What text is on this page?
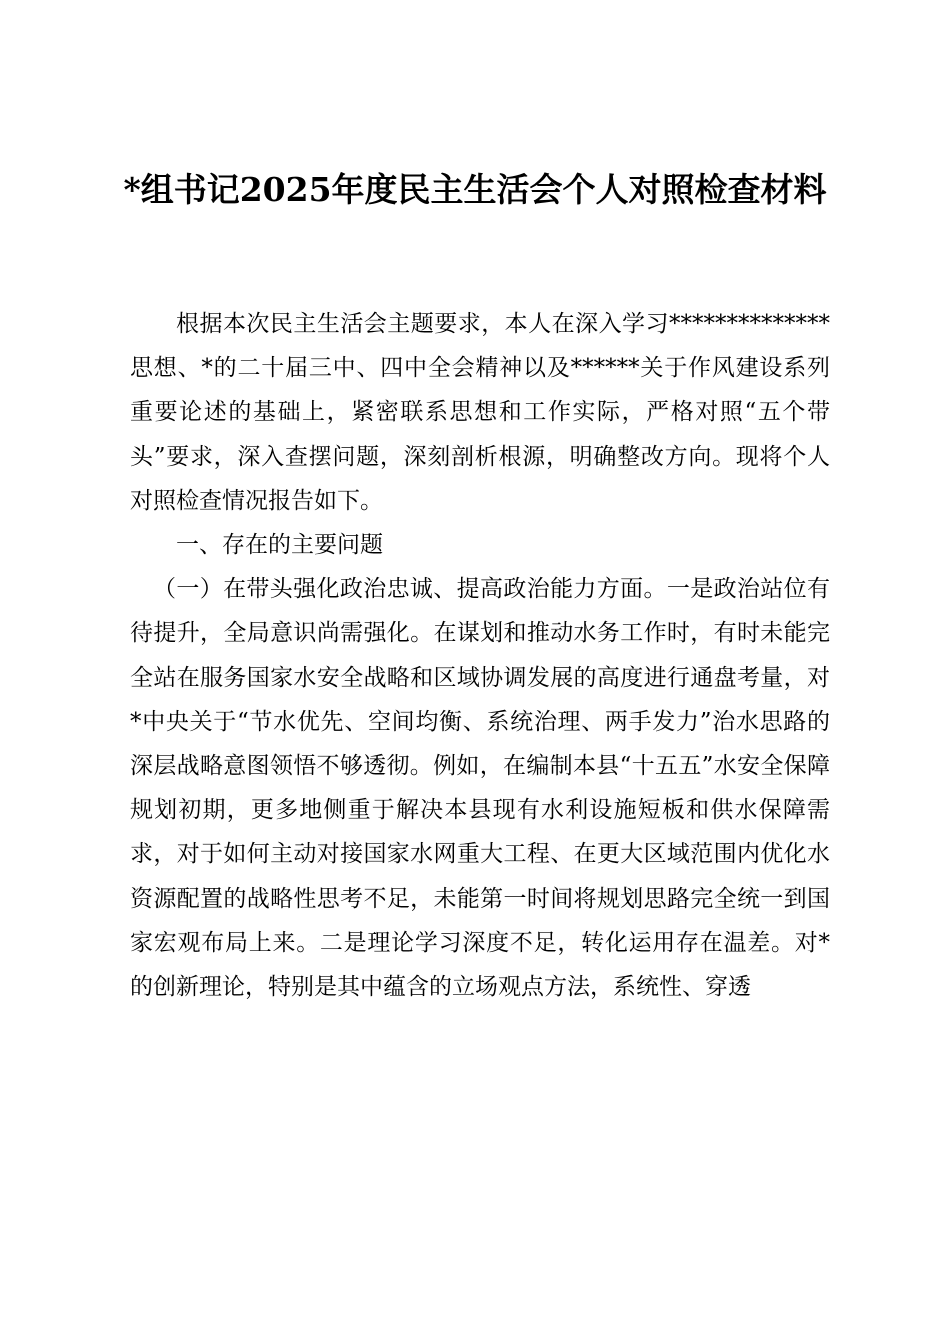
*组书记2025年度民主生活会个人对照检查材料

根据本次民主生活会主题要求，本人在深入学习**************思想、*的二十届三中、四中全会精神以及******关于作风建设系列重要论述的基础上，紧密联系思想和工作实际，严格对照“五个带头”要求，深入查摆问题，深刻剖析根源，明确整改方向。现将个人对照检查情况报告如下。

一、存在的主要问题

（一）在带头强化政治忠诚、提高政治能力方面。一是政治站位有待提升，全局意识尚需强化。在谋划和推动水务工作时，有时未能完全站在服务国家水安全战略和区域协调发展的高度进行通盘考量，对*中央关于“节水优先、空间均衡、系统治理、两手发力”治水思路的深层战略意图领悟不够透彻。例如，在编制本县“十五五”水安全保障规划初期，更多地侧重于解决本县现有水利设施短板和供水保障需求，对于如何主动对接国家水网重大工程、在更大区域范围内优化水资源配置的战略性思考不足，未能第一时间将规划思路完全统一到国家宏观布局上来。二是理论学习深度不足，转化运用存在温差。对*的创新理论，特别是其中蕴含的立场观点方法，系统性、穿透
